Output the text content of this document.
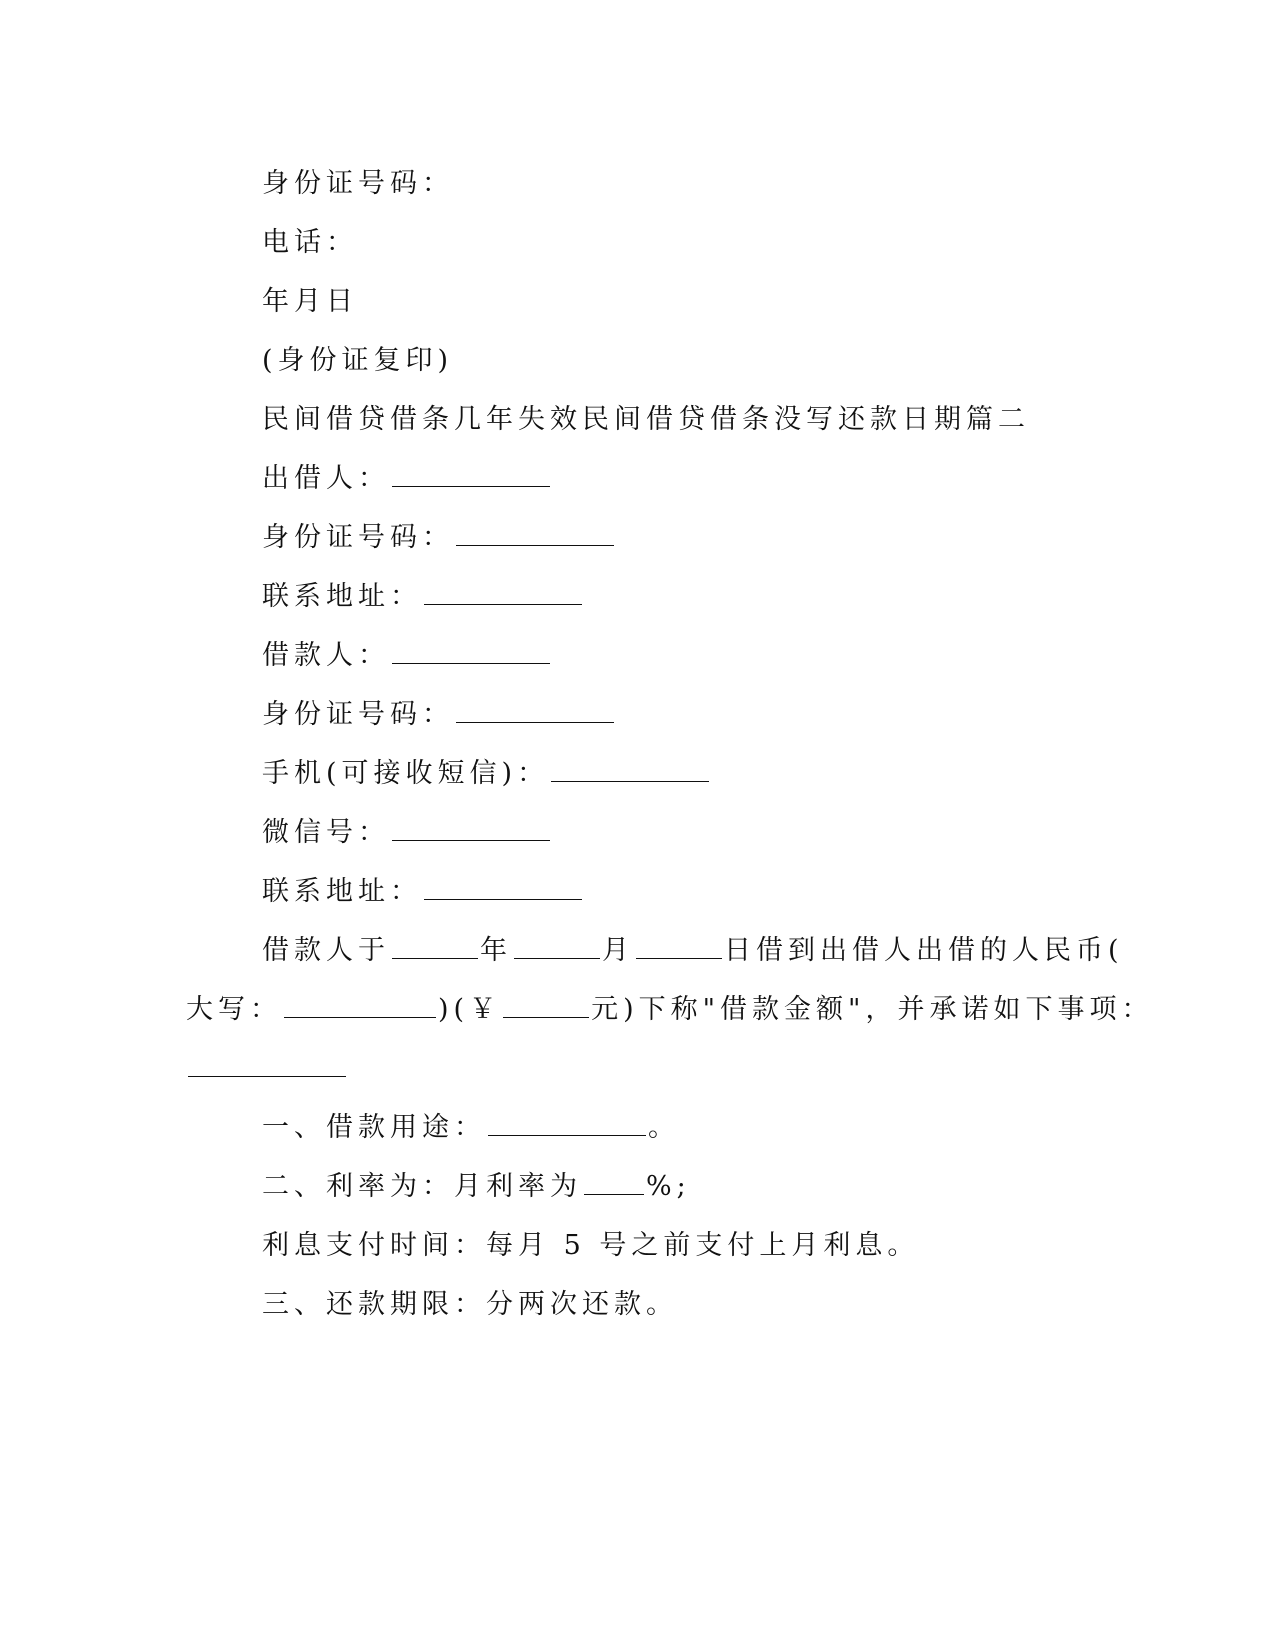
身份证号码：
电话：
年月日
(身份证复印)
民间借贷借条几年失效民间借贷借条没写还款日期篇二
出借人：
身份证号码：
联系地址：
借款人：
身份证号码：
手机(可接收短信)：
微信号：
联系地址：
借款人于	年	月	日借到出借人出借的人民币(
大写：	)(￥	元)下称"借款金额"，并承诺如下事项：
一、借款用途：	。
二、利率为：月利率为 %;
利息支付时间：每月 5 号之前支付上月利息。
三、还款期限：分两次还款。
